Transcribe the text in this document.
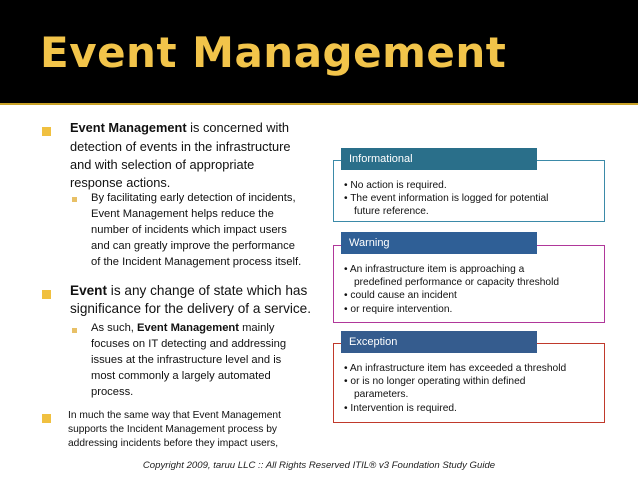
Event Management

Event Management is concerned with

detection of events in the infrastructure

and with selection of appropriate

response actions.

By facilitating early detection of incidents,

Event Management helps reduce the

number of incidents which impact users

and can greatly improve the performance

of the Incident Management process itself.

Event is any change of state which has

significance for the delivery of a service.

As such, Event Management mainly

focuses on IT detecting and addressing

issues at the infrastructure level and is

most commonly a largely automated

process.

In much the same way that Event Management

supports the Incident Management process by

addressing incidents before they impact users,

Informational
• No action is required.
• The event information is logged for potential
future reference.
Warning
• An infrastructure item is approaching a
predefined performance or capacity threshold
• could cause an incident
• or require intervention.
Exception
• An infrastructure item has exceeded a threshold
• or is no longer operating within defined
parameters.
• Intervention is required.
Copyright 2009, taruu LLC :: All Rights Reserved ITIL® v3 Foundation Study Guide
